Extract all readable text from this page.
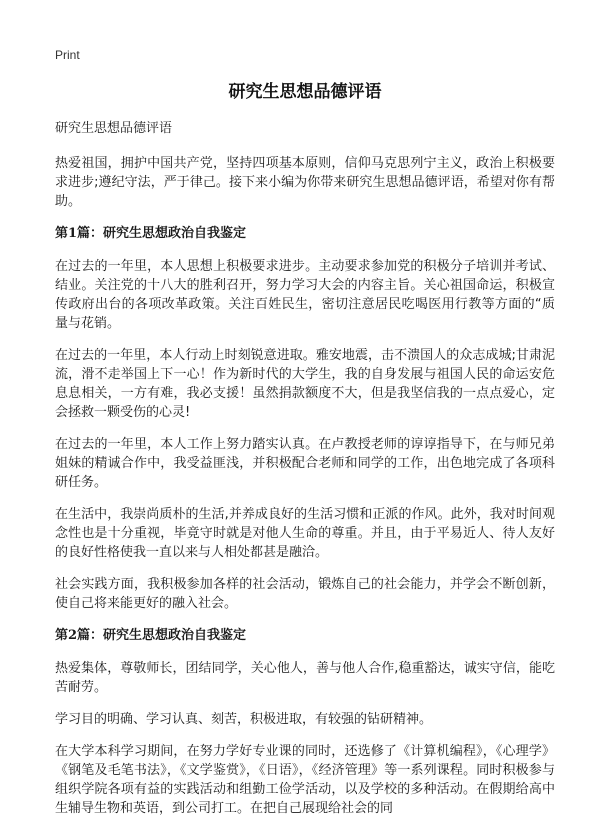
Print
研究生思想品德评语

研究生思想品德评语

热爱祖国，拥护中国共产党，坚持四项基本原则，信仰马克思列宁主义，政治上积极要求进步;遵纪守法，严于律己。接下来小编为你带来研究生思想品德评语，希望对你有帮助。

第1篇：研究生思想政治自我鉴定

在过去的一年里，本人思想上积极要求进步。主动要求参加党的积极分子培训并考试、结业。关注党的十八大的胜利召开，努力学习大会的内容主旨。关心祖国命运，积极宣传政府出台的各项改革政策。关注百姓民生，密切注意居民吃喝医用行教等方面的“质量与花销。

在过去的一年里，本人行动上时刻锐意进取。雅安地震，击不溃国人的众志成城;甘肃泥流，滑不走举国上下一心！作为新时代的大学生，我的自身发展与祖国人民的命运安危息息相关，一方有难，我必支援！虽然捐款额度不大，但是我坚信我的一点点爱心，定会拯救一颗受伤的心灵!

在过去的一年里，本人工作上努力踏实认真。在卢教授老师的谆谆指导下，在与师兄弟姐妹的精诚合作中，我受益匪浅，并积极配合老师和同学的工作，出色地完成了各项科研任务。

在生活中，我崇尚质朴的生活,并养成良好的生活习惯和正派的作风。此外，我对时间观念性也是十分重视，毕竟守时就是对他人生命的尊重。并且，由于平易近人、待人友好的良好性格使我一直以来与人相处都甚是融洽。

社会实践方面，我积极参加各样的社会活动，锻炼自己的社会能力，并学会不断创新，使自己将来能更好的融入社会。

第2篇：研究生思想政治自我鉴定

热爱集体，尊敬师长，团结同学，关心他人，善与他人合作,稳重豁达，诚实守信，能吃苦耐劳。

学习目的明确、学习认真、刻苦，积极进取，有较强的钻研精神。

在大学本科学习期间，在努力学好专业课的同时，还选修了《计算机编程》，《心理学》《钢笔及毛笔书法》，《文学鉴赏》，《日语》，《经济管理》等一系列课程。同时积极参与组织学院各项有益的实践活动和组勤工俭学活动，以及学校的多种活动。在假期给高中生辅导生物和英语，到公司打工。在把自己展现给社会的同
